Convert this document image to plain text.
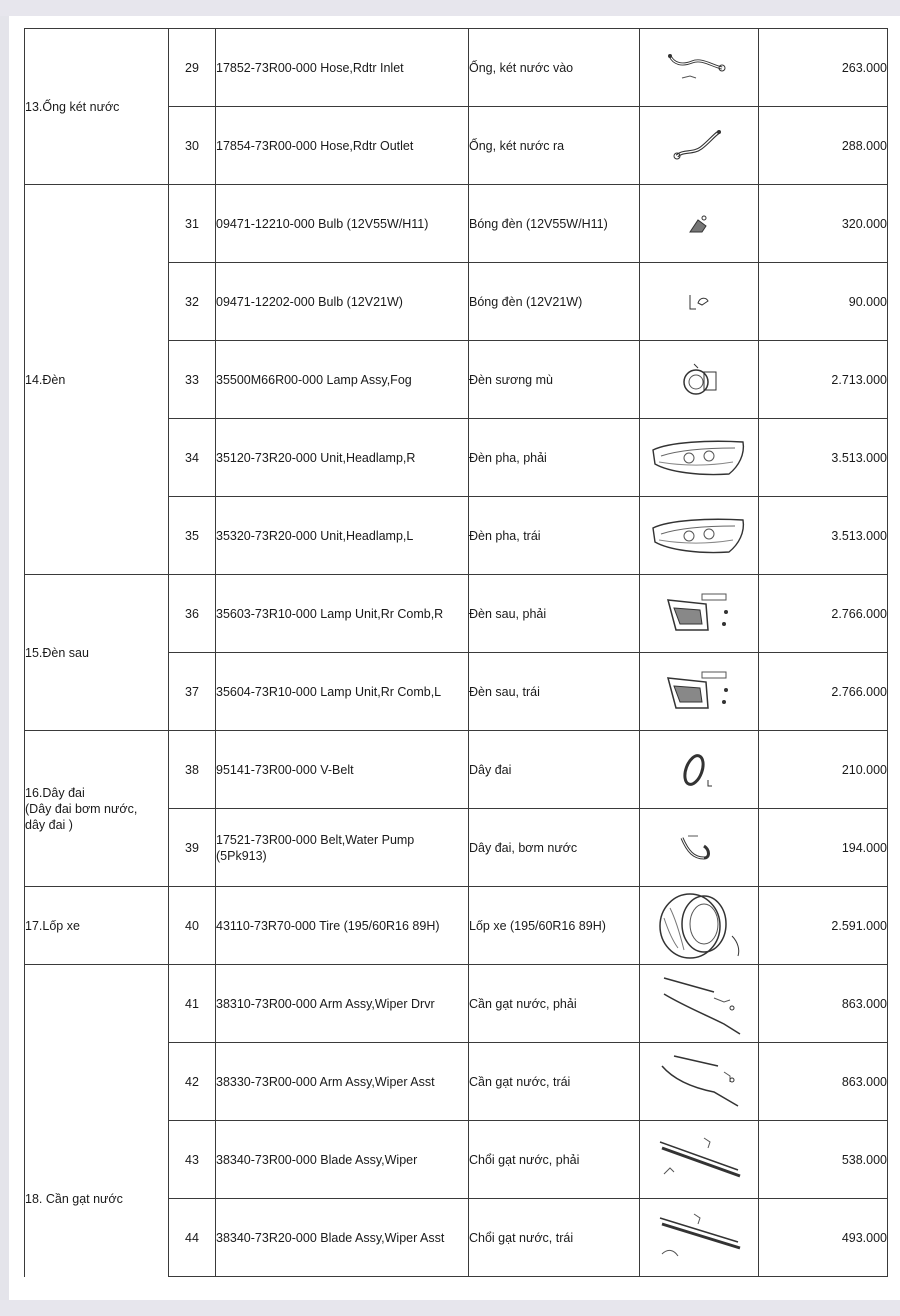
13.Ống két nước	29	17852-73R00-000 Hose,Rdtr Inlet	Ống, két nước vào		263.000
	30	17854-73R00-000 Hose,Rdtr Outlet	Ống, két nước ra		288.000
14.Đèn	31	09471-12210-000 Bulb (12V55W/H11)	Bóng đèn (12V55W/H11)		320.000
	32	09471-12202-000 Bulb (12V21W)	Bóng đèn (12V21W)		90.000
	33	35500M66R00-000 Lamp Assy,Fog	Đèn sương mù		2.713.000
	34	35120-73R20-000 Unit,Headlamp,R	Đèn pha, phải		3.513.000
	35	35320-73R20-000 Unit,Headlamp,L	Đèn pha, trái		3.513.000
15.Đèn sau	36	35603-73R10-000 Lamp Unit,Rr Comb,R	Đèn sau, phải		2.766.000
	37	35604-73R10-000 Lamp Unit,Rr Comb,L	Đèn sau, trái		2.766.000
16.Dây đai
(Dây đai bơm nước,
dây đai )	38	95141-73R00-000 V-Belt	Dây đai		210.000
	39	17521-73R00-000 Belt,Water Pump
(5Pk913)	Dây đai, bơm nước		194.000
17.Lốp xe	40	43110-73R70-000 Tire (195/60R16 89H)	Lốp xe (195/60R16 89H)		2.591.000
18. Cần gạt nước	41	38310-73R00-000 Arm Assy,Wiper Drvr	Cần gạt nước, phải		863.000
	42	38330-73R00-000 Arm Assy,Wiper Asst	Cần gạt nước, trái		863.000
	43	38340-73R00-000 Blade Assy,Wiper	Chổi gạt nước, phải		538.000
	44	38340-73R20-000 Blade Assy,Wiper Asst	Chổi gạt nước, trái		493.000
